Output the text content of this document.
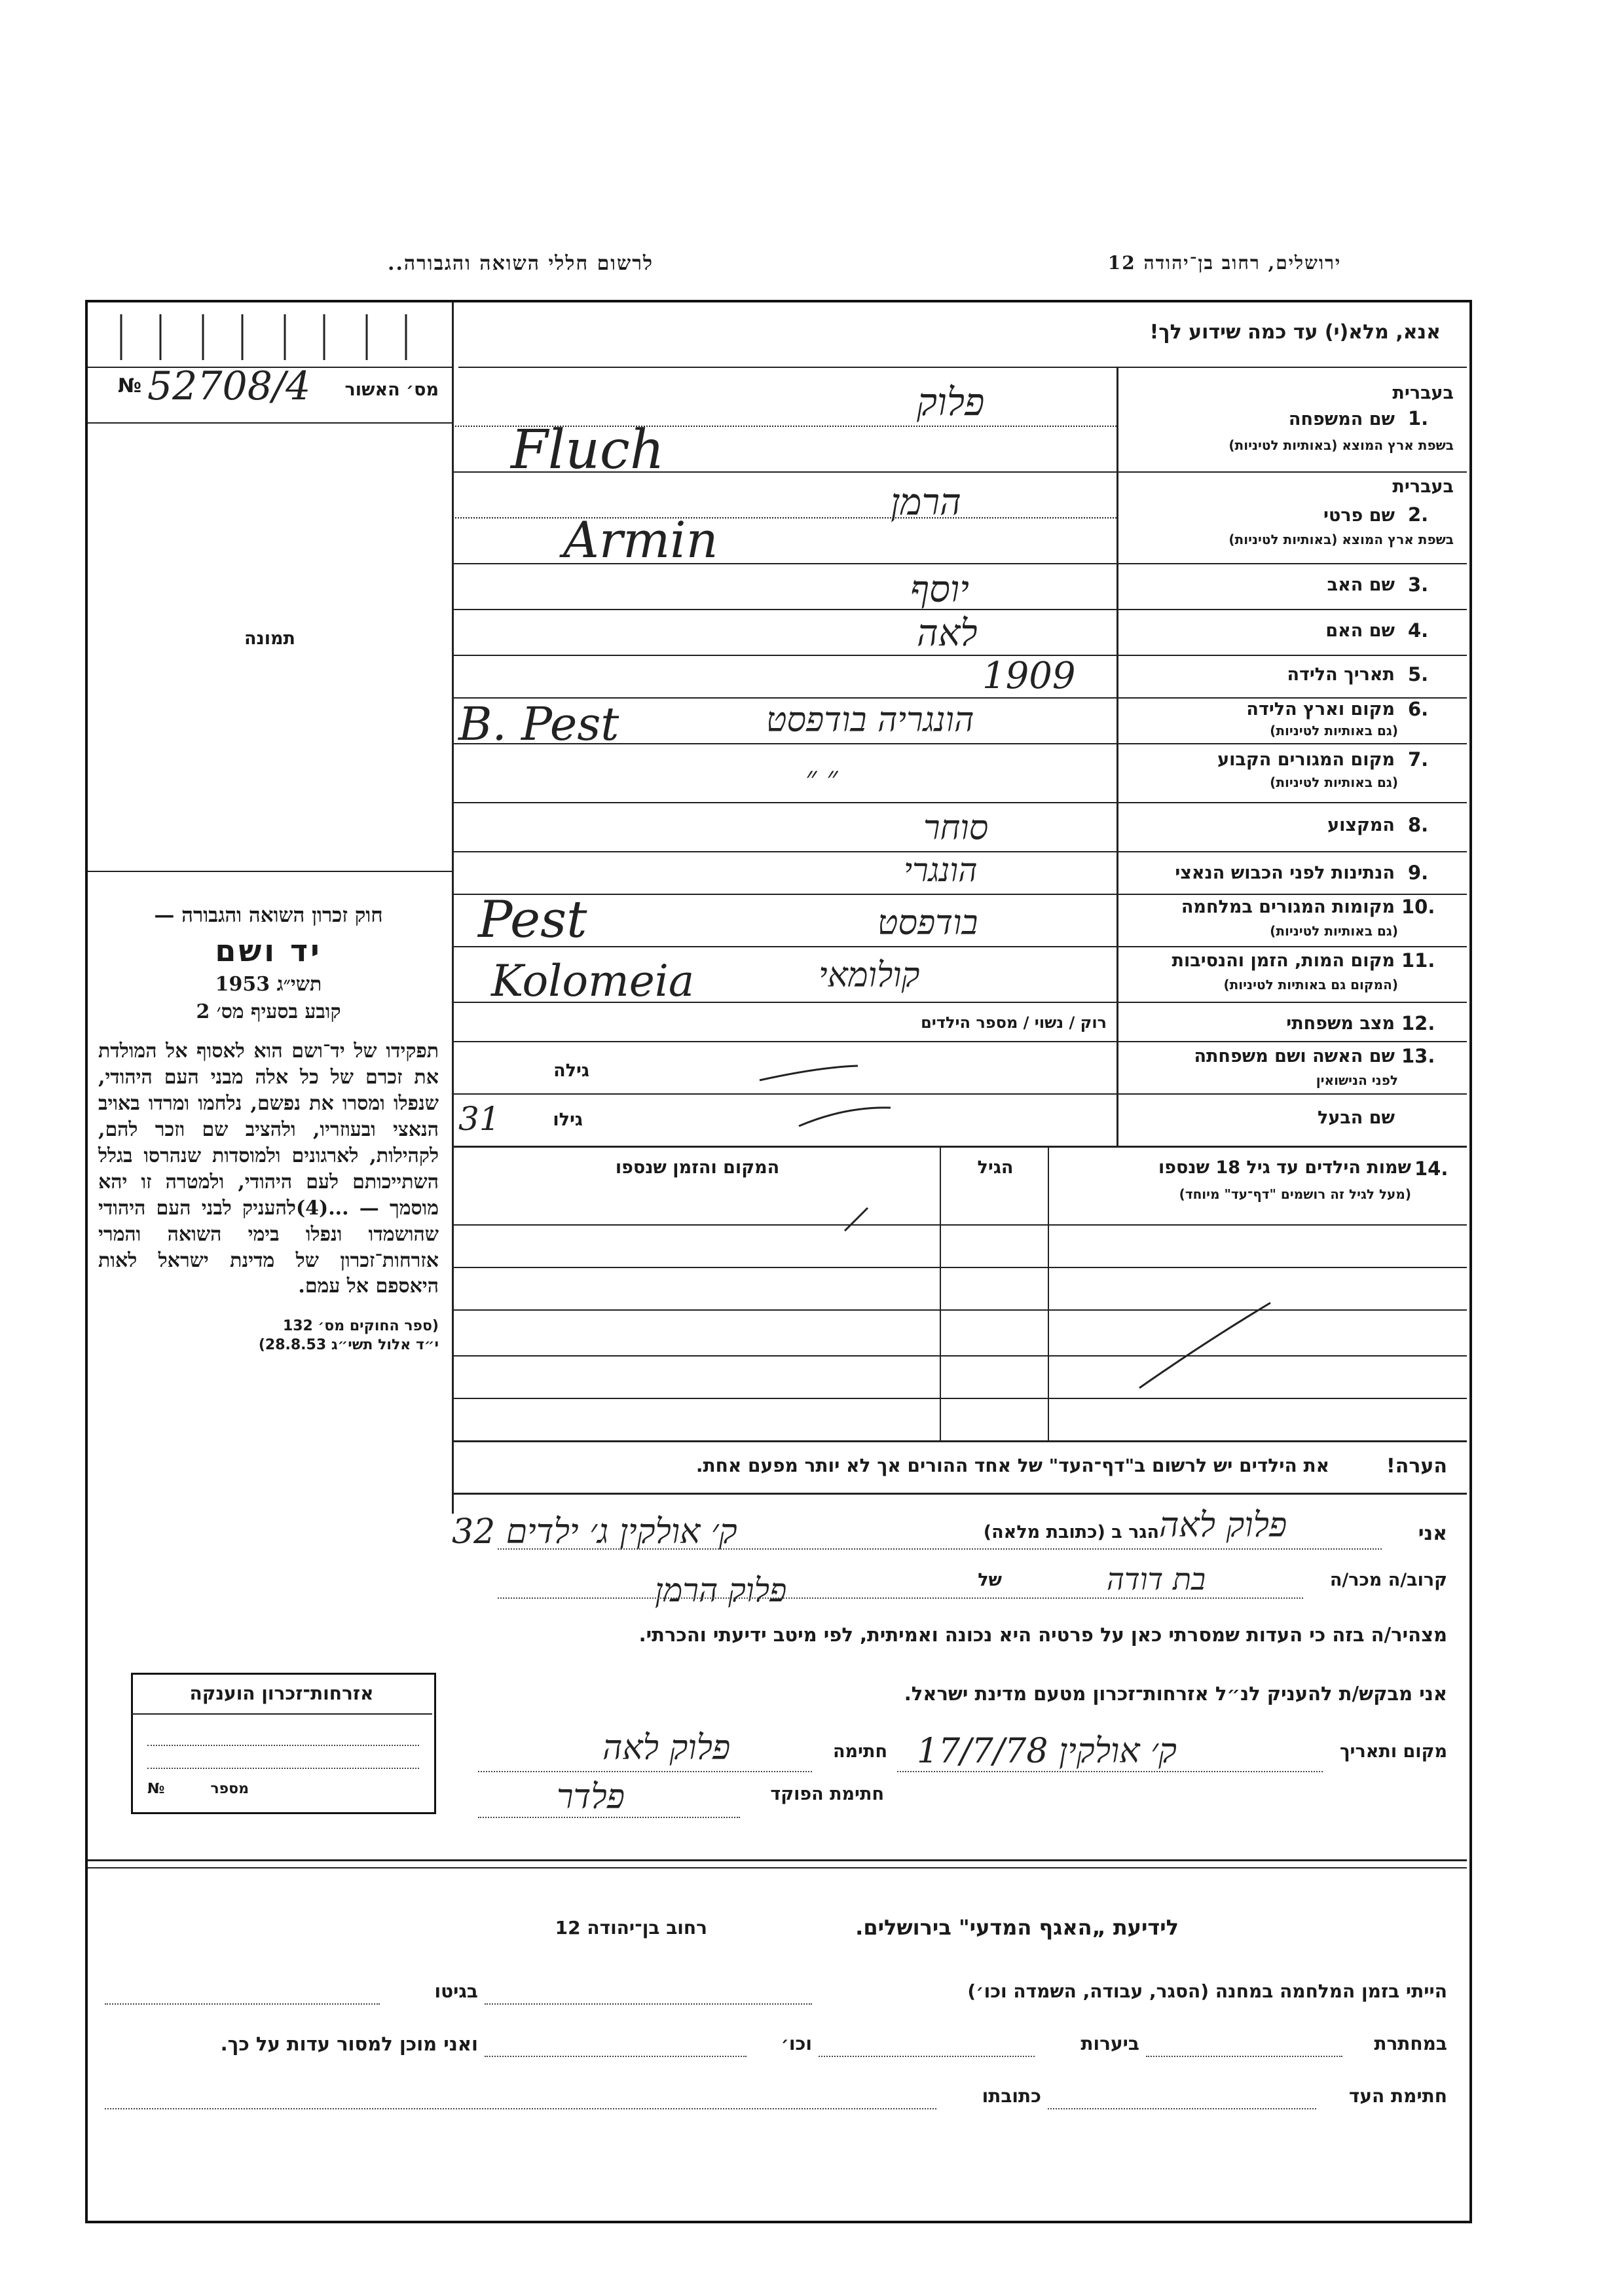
לרשום חללי השואה והגבורה..	ירושלים, רחוב בן־יהודה 12
אנא, מלא(י) עד כמה שידוע לך!
№ 52708/4	מס׳ האשור
תמונה
חוק זכרון השואה והגבורה —
יד ושם
תשי״ג 1953
קובע בסעיף מס׳ 2
תפקידו של יד־ושם הוא לאסוף אל המולדת את זכרם של כל אלה מבני העם היהודי, שנפלו ומסרו את נפשם, נלחמו ומרדו באויב הנאצי ובעוזריו, ולהציב שם וזכר להם, לקהילות, לארגונים ולמוסדות שנהרסו בגלל השתייכותם לעם היהודי, ולמטרה זו יהא מוסמך — ...(4)להעניק לבני העם היהודי שהושמדו ונפלו בימי השואה והמרי אזרחות־זכרון של מדינת ישראל לאות היאספם אל עמם.
(ספר החוקים מס׳ 132
י״ד אלול תשי״ג 28.8.53)
בעברית
שם המשפחה 1.
בשפת ארץ המוצא (באותיות לטיניות)
פלוק
Fluch
בעברית
שם פרטי 2.
בשפת ארץ המוצא (באותיות לטיניות)
הרמן
Armin
שם האב 3.
יוסף
שם האם 4.
לאה
תאריך הלידה 5.
1909
מקום וארץ הלידה 6.
(גם באותיות לטיניות)
הונגריה בודפסט
B. Pest
מקום המגורים הקבוע 7.
(גם באותיות לטיניות)
״ ״
המקצוע 8.
סוחר
הנתינות לפני הכבוש הנאצי 9.
הונגרי
מקומות המגורים במלחמה 10.
(גם באותיות לטיניות)
בודפסט
Pest
מקום המות, הזמן והנסיבות 11.
(המקום גם באותיות לטיניות)
קולומאי
Kolomeia
מצב משפחתי 12.
רוק / נשוי / מספר הילדים
שם האשה ושם משפחתה 13.
לפני הנישואין
גילה
שם הבעל
31	גילו
14.
שמות הילדים עד גיל 18 שנספו
(מעל לגיל זה רושמים "דף־עד" מיוחד)
הגיל
המקום והזמן שנספו
הערה!
את הילדים יש לרשום ב"דף־העד" של אחד ההורים אך לא יותר מפעם אחת.
אני
פלוק לאה
הגר ב (כתובת מלאה)
ק׳ אולקין ג׳ ילדים 32
קרוב/ה מכר/ה
בת דודה
של
פלוק הרמן
מצהיר/ה בזה כי העדות שמסרתי כאן על פרטיה היא נכונה ואמיתית, לפי מיטב ידיעתי והכרתי.
אזרחות־זכרון הוענקה
№	מספר
אני מבקש/ת להעניק לנ״ל אזרחות־זכרון מטעם מדינת ישראל.
מקום ותאריך
ק׳ אולקין 17/7/78
חתימה
פלוק לאה
חתימת הפוקד
פלדר
לידיעת „האגף המדעי" בירושלים.
רחוב בן־יהודה 12
הייתי בזמן המלחמה במחנה (הסגר, עבודה, השמדה וכו׳)
בגיטו
במחתרת
ביערות
וכו׳
ואני מוכן למסור עדות על כך.
חתימת העד
כתובתו
